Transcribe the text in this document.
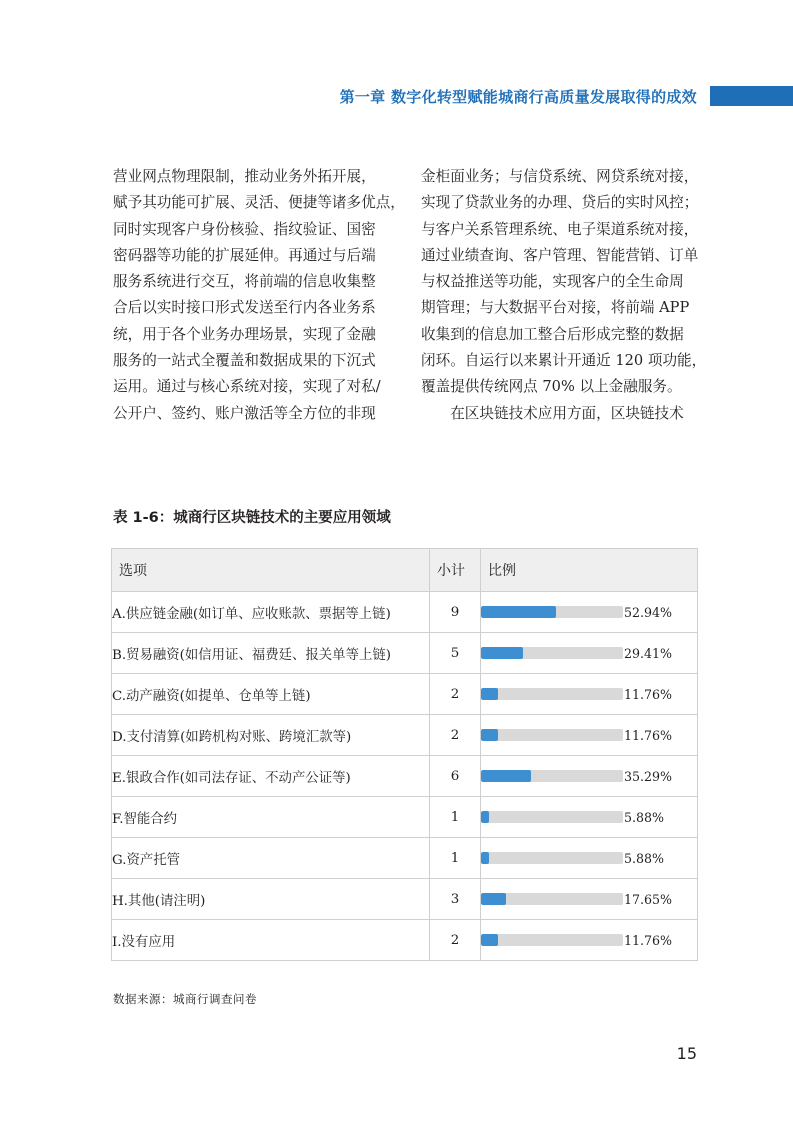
第一章 数字化转型赋能城商行高质量发展取得的成效

营业网点物理限制，推动业务外拓开展，

赋予其功能可扩展、灵活、便捷等诸多优点，

同时实现客户身份核验、指纹验证、国密

密码器等功能的扩展延伸。再通过与后端

服务系统进行交互，将前端的信息收集整

合后以实时接口形式发送至行内各业务系

统，用于各个业务办理场景，实现了金融

服务的一站式全覆盖和数据成果的下沉式

运用。通过与核心系统对接，实现了对私/

公开户、签约、账户激活等全方位的非现

金柜面业务；与信贷系统、网贷系统对接，

实现了贷款业务的办理、贷后的实时风控；

与客户关系管理系统、电子渠道系统对接，

通过业绩查询、客户管理、智能营销、订单

与权益推送等功能，实现客户的全生命周

期管理；与大数据平台对接，将前端 APP

收集到的信息加工整合后形成完整的数据

闭环。自运行以来累计开通近 120 项功能，

覆盖提供传统网点 70% 以上金融服务。

　　在区块链技术应用方面，区块链技术

表 1-6：城商行区块链技术的主要应用领域
选项	小计	比例
A.供应链金融(如订单、应收账款、票据等上链)	9	52.94%

B.贸易融资(如信用证、福费廷、报关单等上链)	5	29.41%

C.动产融资(如提单、仓单等上链)	2	11.76%

D.支付清算(如跨机构对账、跨境汇款等)	2	11.76%

E.银政合作(如司法存证、不动产公证等)	6	35.29%

F.智能合约	1	5.88%

G.资产托管	1	5.88%

H.其他(请注明)	3	17.65%

I.没有应用	2	11.76%
数据来源：城商行调查问卷
15
